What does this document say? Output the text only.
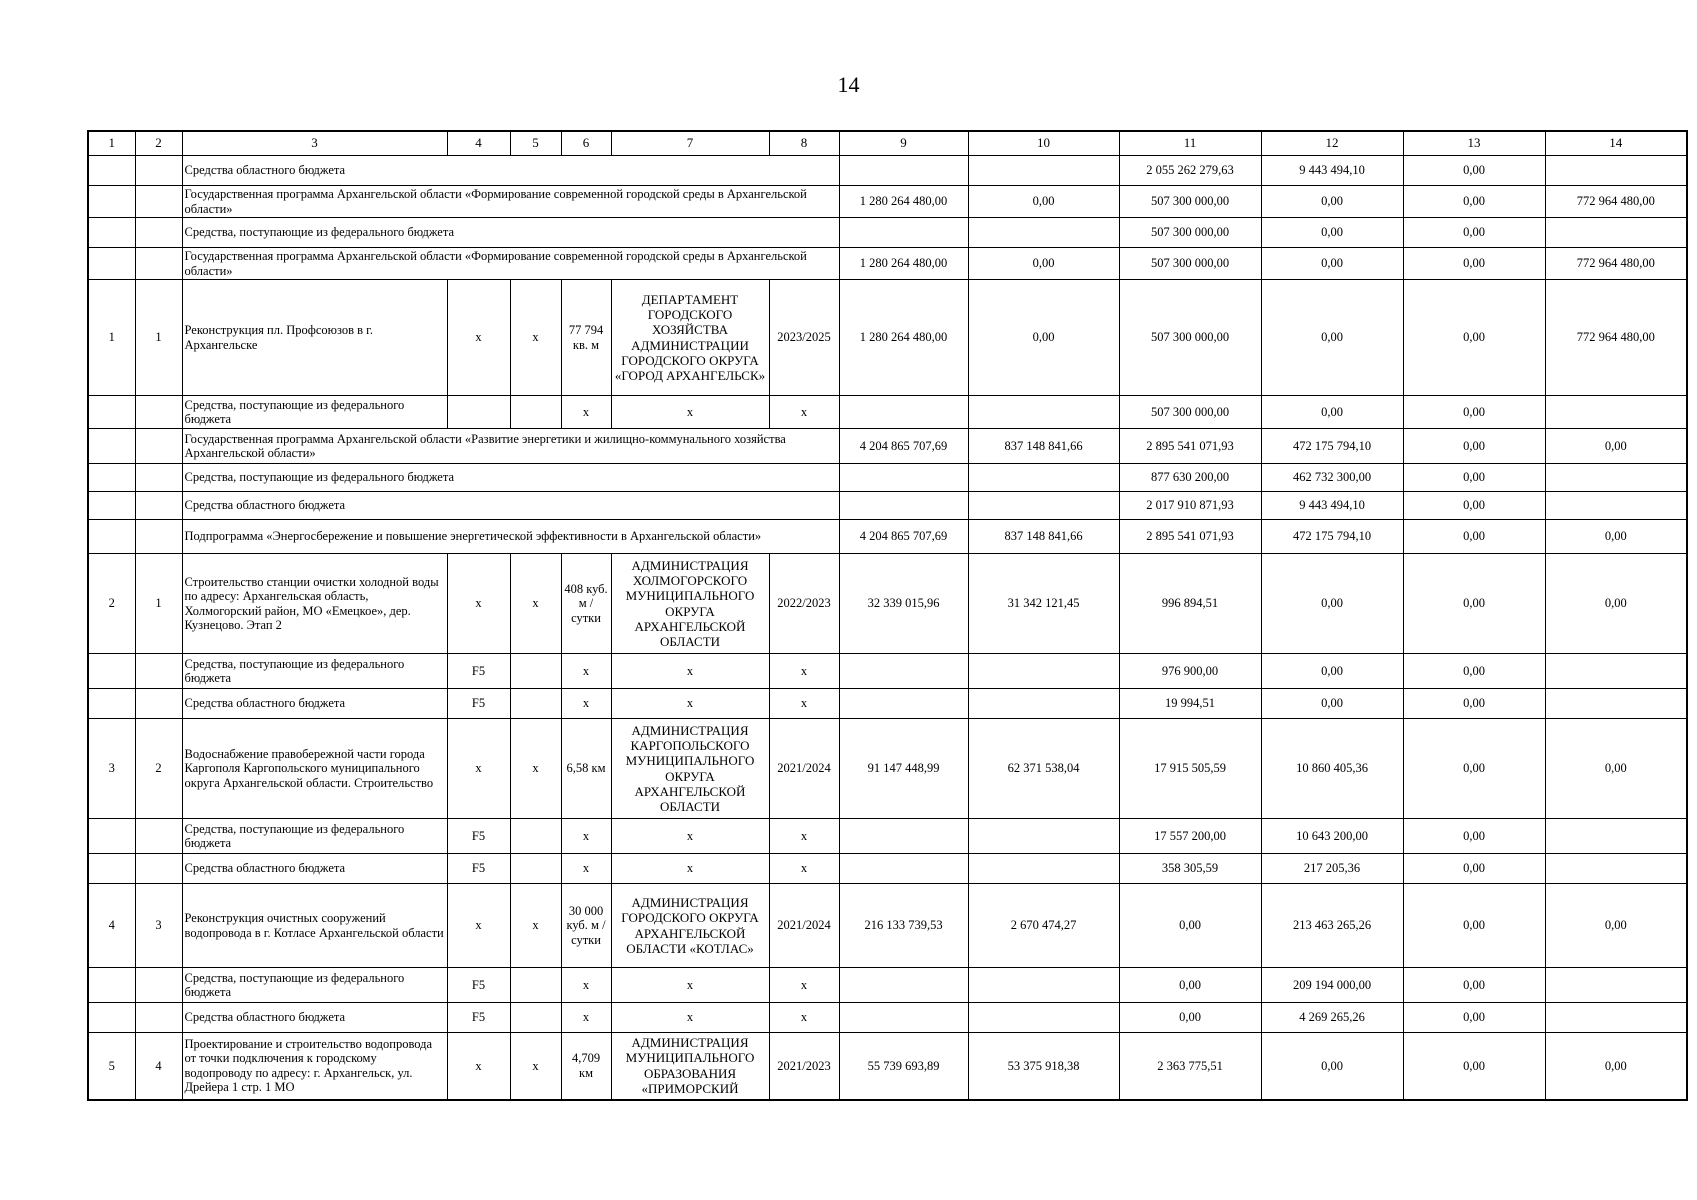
14
1	2	3	4	5	6	7	8	9	10	11	12	13	14
		Средства областного бюджета								2 055 262 279,63	9 443 494,10	0,00	
		Государственная программа Архангельской области «Формирование современной городской среды в Архангельской области»						1 280 264 480,00	0,00	507 300 000,00	0,00	0,00	772 964 480,00
		Средства, поступающие из федерального бюджета								507 300 000,00	0,00	0,00	
		Государственная программа Архангельской области «Формирование современной городской среды в Архангельской области»						1 280 264 480,00	0,00	507 300 000,00	0,00	0,00	772 964 480,00
1	1	Реконструкция пл. Профсоюзов в г. Архангельске	х	х	77 794 кв. м	ДЕПАРТАМЕНТ ГОРОДСКОГО ХОЗЯЙСТВА АДМИНИСТРАЦИИ ГОРОДСКОГО ОКРУГА «ГОРОД АРХАНГЕЛЬСК»	2023/2025	1 280 264 480,00	0,00	507 300 000,00	0,00	0,00	772 964 480,00
		Средства, поступающие из федерального бюджета			х	х	х			507 300 000,00	0,00	0,00	
		Государственная программа Архангельской области «Развитие энергетики и жилищно-коммунального хозяйства Архангельской области»						4 204 865 707,69	837 148 841,66	2 895 541 071,93	472 175 794,10	0,00	0,00
		Средства, поступающие из федерального бюджета								877 630 200,00	462 732 300,00	0,00	
		Средства областного бюджета								2 017 910 871,93	9 443 494,10	0,00	
		Подпрограмма «Энергосбережение и повышение энергетической эффективности в Архангельской области»						4 204 865 707,69	837 148 841,66	2 895 541 071,93	472 175 794,10	0,00	0,00
2	1	Строительство станции очистки холодной воды по адресу: Архангельская область, Холмогорский район, МО «Емецкое», дер. Кузнецово. Этап 2	х	х	408 куб. м / сутки	АДМИНИСТРАЦИЯ ХОЛМОГОРСКОГО МУНИЦИПАЛЬНОГО ОКРУГА АРХАНГЕЛЬСКОЙ ОБЛАСТИ	2022/2023	32 339 015,96	31 342 121,45	996 894,51	0,00	0,00	0,00
		Средства, поступающие из федерального бюджета	F5		х	х	х			976 900,00	0,00	0,00	
		Средства областного бюджета	F5		х	х	х			19 994,51	0,00	0,00	
3	2	Водоснабжение правобережной части города Каргополя Каргопольского муниципального округа Архангельской области. Строительство	х	х	6,58 км	АДМИНИСТРАЦИЯ КАРГОПОЛЬСКОГО МУНИЦИПАЛЬНОГО ОКРУГА АРХАНГЕЛЬСКОЙ ОБЛАСТИ	2021/2024	91 147 448,99	62 371 538,04	17 915 505,59	10 860 405,36	0,00	0,00
		Средства, поступающие из федерального бюджета	F5		х	х	х			17 557 200,00	10 643 200,00	0,00	
		Средства областного бюджета	F5		х	х	х			358 305,59	217 205,36	0,00	
4	3	Реконструкция очистных сооружений водопровода в г. Котласе Архангельской области	х	х	30 000 куб. м / сутки	АДМИНИСТРАЦИЯ ГОРОДСКОГО ОКРУГА АРХАНГЕЛЬСКОЙ ОБЛАСТИ «КОТЛАС»	2021/2024	216 133 739,53	2 670 474,27	0,00	213 463 265,26	0,00	0,00
		Средства, поступающие из федерального бюджета	F5		х	х	х			0,00	209 194 000,00	0,00	
		Средства областного бюджета	F5		х	х	х			0,00	4 269 265,26	0,00	
5	4	Проектирование и строительство водопровода от точки подключения к городскому водопроводу по адресу: г. Архангельск, ул. Дрейера 1 стр. 1 МО	х	х	4,709 км	АДМИНИСТРАЦИЯ МУНИЦИПАЛЬНОГО ОБРАЗОВАНИЯ «ПРИМОРСКИЙ	2021/2023	55 739 693,89	53 375 918,38	2 363 775,51	0,00	0,00	0,00
